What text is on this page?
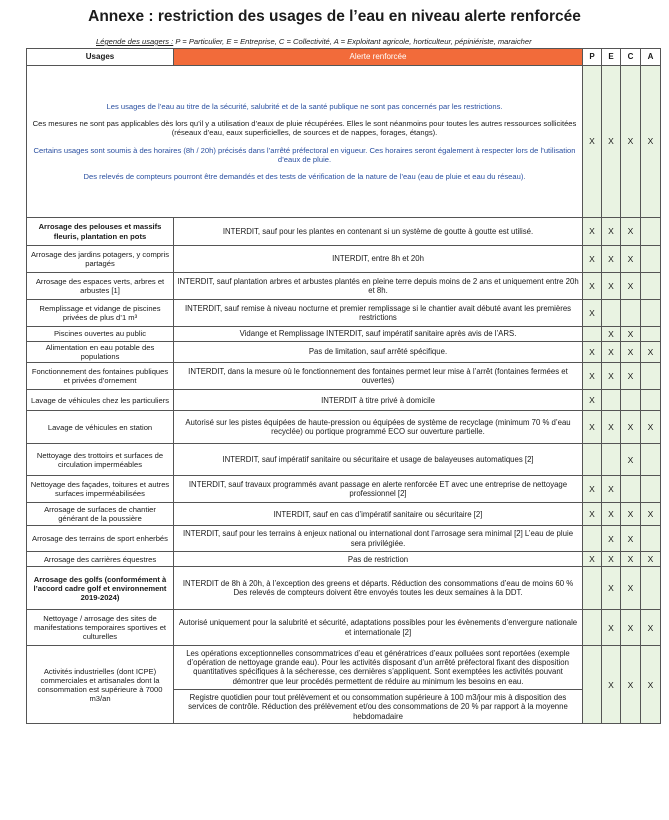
Annexe : restriction des usages de l’eau en niveau alerte renforcée
Légende des usagers : P = Particulier, E = Entreprise, C = Collectivité, A = Exploitant agricole, horticulteur, pépiniériste, maraicher
Usages	Alerte renforcée	P	E	C	A

Les usages de l’eau au titre de la sécurité, salubrité et de la santé publique ne sont pas concernés par les restrictions.

Ces mesures ne sont pas applicables dès lors qu’il y a utilisation d’eaux de pluie récupérées. Elles le sont néanmoins pour toutes les autres ressources sollicitées (réseaux d’eau, eaux superficielles, de sources et de nappes, forages, étangs).

Certains usages sont soumis à des horaires (8h / 20h) précisés dans l’arrêté préfectoral en vigueur. Ces horaires seront également à respecter lors de l’utilisation d’eaux de pluie.

Des relevés de compteurs pourront être demandés et des tests de vérification de la nature de l’eau (eau de pluie et eau du réseau).		X	X	X	X
Arrosage des pelouses et massifs fleuris, plantation en pots	INTERDIT, sauf pour les plantes en contenant si un système de goutte à goutte est utilisé.	X	X	X	
Arrosage des jardins potagers, y compris partagés	INTERDIT, entre 8h et 20h	X	X	X	
Arrosage des espaces verts, arbres et arbustes [1]	INTERDIT, sauf plantation arbres et arbustes plantés en pleine terre depuis moins de 2 ans et uniquement entre 20h et 8h.	X	X	X	
Remplissage et vidange de piscines privées de plus d’1 m³	INTERDIT, sauf remise à niveau nocturne et premier remplissage si le chantier avait débuté avant les premières restrictions	X			
Piscines ouvertes au public	Vidange et Remplissage INTERDIT, sauf impératif sanitaire après avis de l’ARS.		X	X	
Alimentation en eau potable des populations	Pas de limitation, sauf arrêté spécifique.	X	X	X	X
Fonctionnement des fontaines publiques et privées d’ornement	INTERDIT, dans la mesure où le fonctionnement des fontaines permet leur mise à l’arrêt (fontaines fermées et ouvertes)	X	X	X	
Lavage de véhicules chez les particuliers	INTERDIT à titre privé à domicile	X			
Lavage de véhicules en station	Autorisé sur les pistes équipées de haute-pression ou équipées de système de recyclage (minimum 70 % d’eau recyclée) ou portique programmé ECO sur ouverture partielle.	X	X	X	X
Nettoyage des trottoirs et surfaces de circulation imperméables	INTERDIT, sauf impératif sanitaire ou sécuritaire et usage de balayeuses automatiques [2]			X	
Nettoyage des façades, toitures et autres surfaces imperméabilisées	INTERDIT, sauf travaux programmés avant passage en alerte renforcée ET avec une entreprise de nettoyage professionnel [2]	X	X		
Arrosage de surfaces de chantier générant de la poussière	INTERDIT, sauf en cas d’impératif sanitaire ou sécuritaire [2]	X	X	X	X
Arrosage des terrains de sport enherbés	INTERDIT, sauf pour les terrains à enjeux national ou international dont l’arrosage sera minimal [2] L’eau de pluie sera privilégiée.		X	X	
Arrosage des carrières équestres	Pas de restriction	X	X	X	X
Arrosage des golfs (conformément à l’accord cadre golf et environnement 2019-2024)	INTERDIT de 8h à 20h, à l’exception des greens et départs. Réduction des consommations d’eau de moins 60 % Des relevés de compteurs doivent être envoyés toutes les deux semaines à la DDT.		X	X	
Nettoyage / arrosage des sites de manifestations temporaires sportives et culturelles	Autorisé uniquement pour la salubrité et sécurité, adaptations possibles pour les évènements d’envergure nationale et internationale [2]		X	X	X
Activités industrielles (dont ICPE) commerciales et artisanales dont la consommation est supérieure à 7000 m3/an	Les opérations exceptionnelles consommatrices d’eau et génératrices d’eaux polluées sont reportées (exemple d’opération de nettoyage grande eau). Pour les activités disposant d’un arrêté préfectoral fixant des disposition quantitatives spécifiques à la sécheresse, ces dernières s’appliquent. Sont exemptées les activités pouvant démontrer que leur procédés permettent de réduire au minimum les besoins en eau.
Registre quotidien pour tout prélèvement et ou consommation supérieure à 100 m3/jour mis à disposition des services de contrôle. Réduction des prélèvement et/ou des consommations de 20 % par rapport à la moyenne hebdomadaire		X	X	X
